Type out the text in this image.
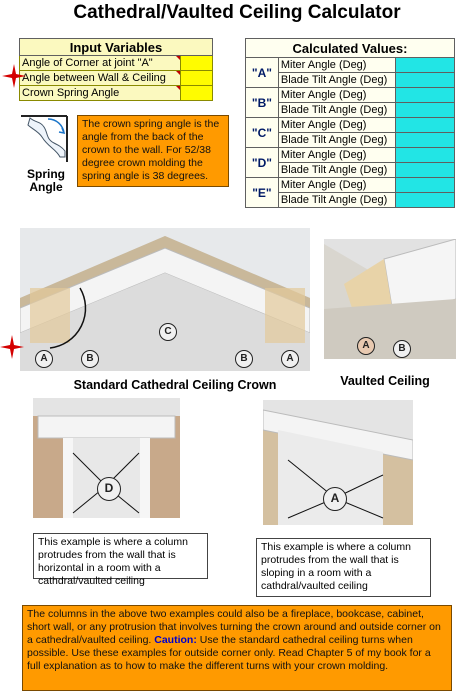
Cathedral/Vaulted Ceiling Calculator
Input Variables	
Angle of Corner at joint "A"

Angle between Wall & Ceiling

Crown Spring Angle

Calculated Values:		
"A"	Miter Angle (Deg)	
	Blade Tilt Angle (Deg)	
"B"	Miter Angle (Deg)	
	Blade Tilt Angle (Deg)	
"C"	Miter Angle (Deg)	
	Blade Tilt Angle (Deg)	
"D"	Miter Angle (Deg)	
	Blade Tilt Angle (Deg)	
"E"	Miter Angle (Deg)	
	Blade Tilt Angle (Deg)	
Spring Angle
The crown spring angle is the angle from the back of the crown to the wall. For 52/38 degree crown molding the spring angle is 38 degrees.
A	B
C
B	A
Standard Cathedral Ceiling Crown
A	B
Vaulted Ceiling
D
This example is where a column protrudes from the wall that is horizontal in a room with a cathdral/vaulted ceiling
A
This example is where a column protrudes from the wall that is sloping in a room with a cathdral/vaulted ceiling
The columns in the above two examples could also be a fireplace, bookcase, cabinet, short wall, or any protrusion that involves turning the crown around and outside corner on a cathedral/vaulted ceiling. Caution: Use the standard cathedral ceiling turns when possible. Use these examples for outside corner only. Read Chapter 5 of my book for a full explanation as to how to make the different turns with your crown molding.
